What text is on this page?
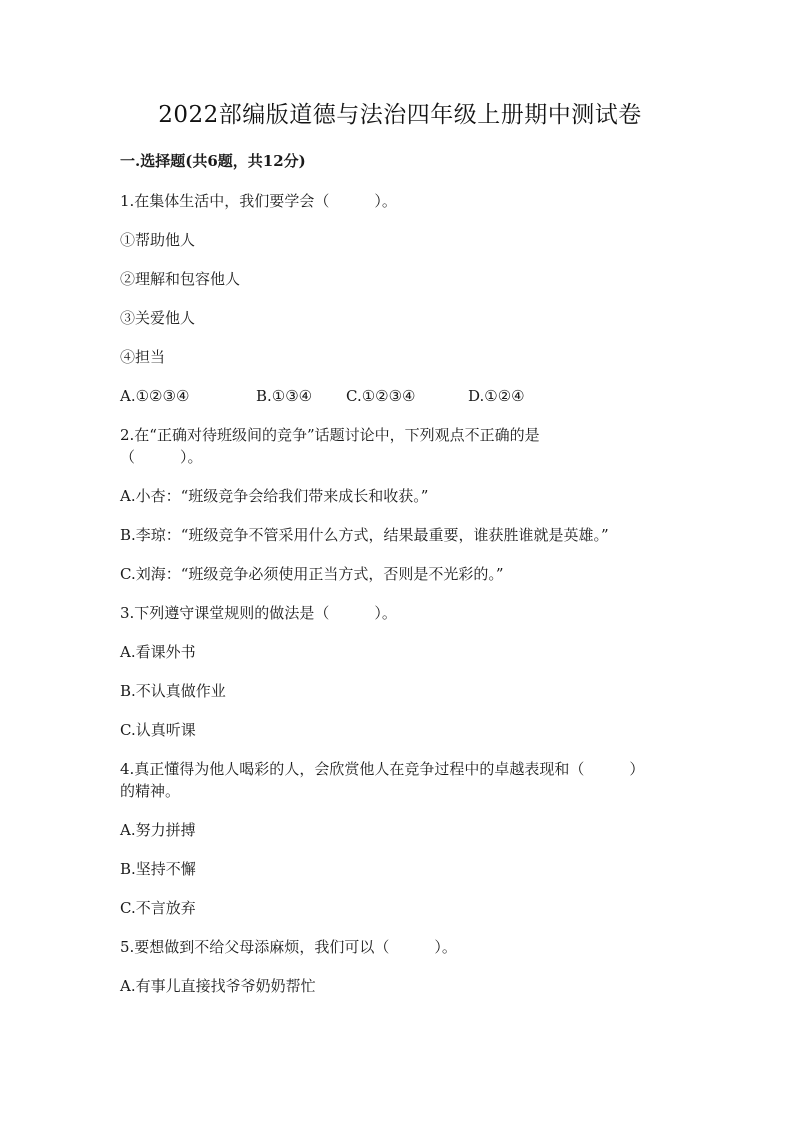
2022部编版道德与法治四年级上册期中测试卷
一.选择题(共6题，共12分)
1.在集体生活中，我们要学会（　　　）。
①帮助他人
②理解和包容他人
③关爱他人
④担当
A.①②③④	B.①③④	C.①②③④	D.①②④
2.在“正确对待班级间的竞争”话题讨论中，下列观点不正确的是
（　　　）。
A.小杏：“班级竞争会给我们带来成长和收获。”
B.李琼：“班级竞争不管采用什么方式，结果最重要，谁获胜谁就是英雄。”
C.刘海：“班级竞争必须使用正当方式，否则是不光彩的。”
3.下列遵守课堂规则的做法是（　　　）。
A.看课外书
B.不认真做作业
C.认真听课
4.真正懂得为他人喝彩的人，会欣赏他人在竞争过程中的卓越表现和（　　　）
的精神。
A.努力拼搏
B.坚持不懈
C.不言放弃
5.要想做到不给父母添麻烦，我们可以（　　　）。
A.有事儿直接找爷爷奶奶帮忙
